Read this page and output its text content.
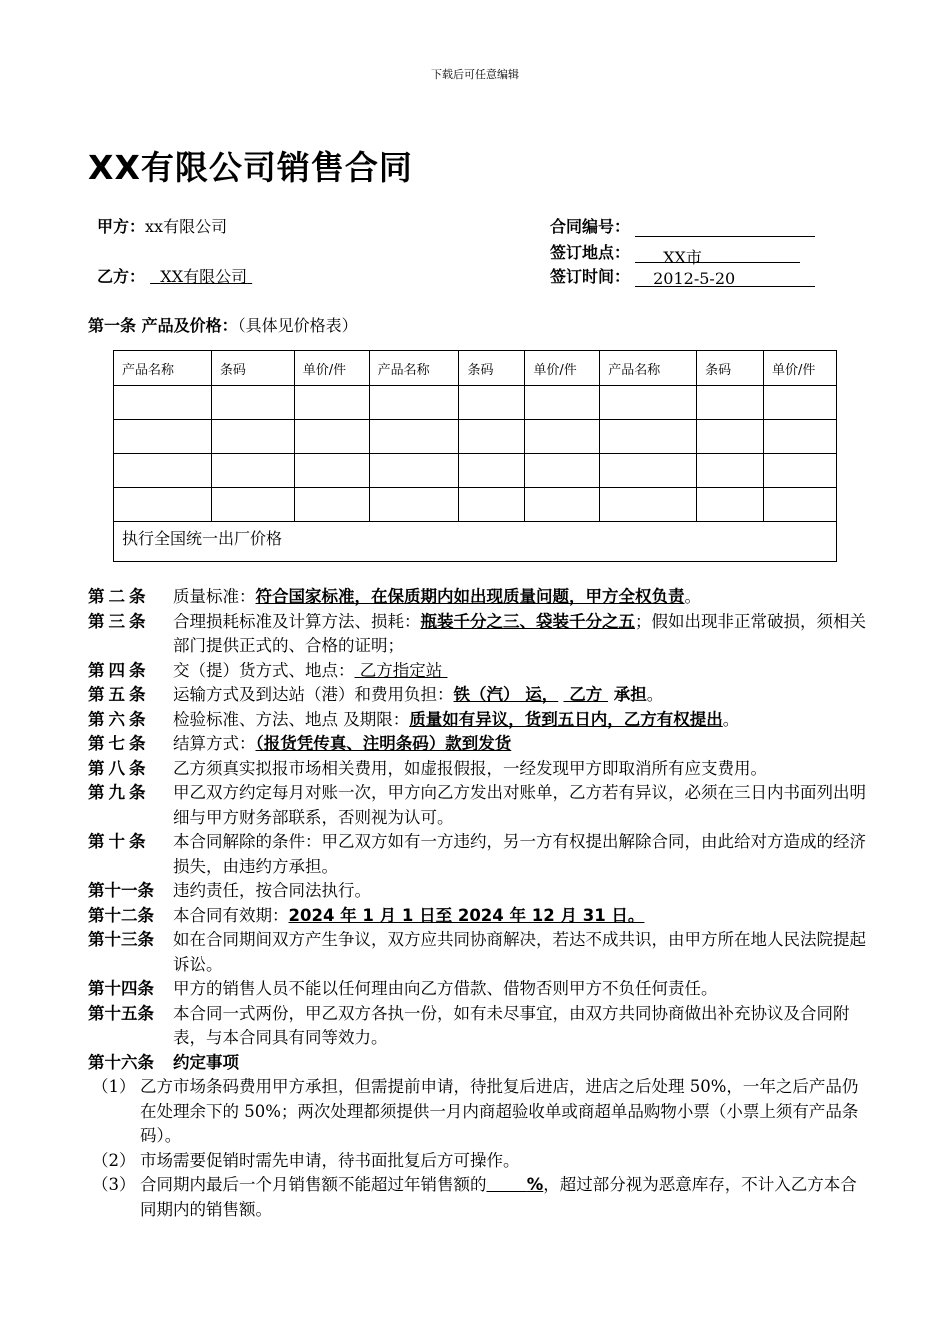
下载后可任意编辑
XX有限公司销售合同
甲方：xx有限公司
乙方： XX有限公司
合同编号：
签订地点： XX市
签订时间： 2012-5-20
第一条 产品及价格：（具体见价格表）
产品名称	条码	单价/件	产品名称	条码	单价/件	产品名称	条码	单价/件

执行全国统一出厂价格								
第二条	质量标准：符合国家标准，在保质期内如出现质量问题，甲方全权负责。
第三条	合理损耗标准及计算方法、损耗：瓶装千分之三、袋装千分之五；假如出现非正常破损，须相关部门提供正式的、合格的证明；
第四条	交（提）货方式、地点： 乙方指定站
第五条	运输方式及到达站（港）和费用负担：铁（汽） 运，  乙方  承担。
第六条	检验标准、方法、地点 及期限：质量如有异议，货到五日内，乙方有权提出。
第七条	结算方式：（报货凭传真、注明条码）款到发货
第八条	乙方须真实拟报市场相关费用，如虚报假报，一经发现甲方即取消所有应支费用。
第九条	甲乙双方约定每月对账一次，甲方向乙方发出对账单，乙方若有异议，必须在三日内书面列出明细与甲方财务部联系，否则视为认可。
第十条	本合同解除的条件：甲乙双方如有一方违约，另一方有权提出解除合同，由此给对方造成的经济损失，由违约方承担。
第十一条	违约责任，按合同法执行。
第十二条	本合同有效期：2024 年 1 月 1 日至 2024 年 12 月 31 日。
第十三条	如在合同期间双方产生争议，双方应共同协商解决，若达不成共识，由甲方所在地人民法院提起诉讼。
第十四条	甲方的销售人员不能以任何理由向乙方借款、借物否则甲方不负任何责任。
第十五条	本合同一式两份，甲乙双方各执一份，如有未尽事宜，由双方共同协商做出补充协议及合同附表，与本合同具有同等效力。
第十六条	约定事项
（1） 乙方市场条码费用甲方承担，但需提前申请，待批复后进店，进店之后处理 50%，一年之后产品仍在处理余下的 50%；两次处理都须提供一月内商超验收单或商超单品购物小票（小票上须有产品条码）。
（2） 市场需要促销时需先申请，待书面批复后方可操作。
（3） 合同期内最后一个月销售额不能超过年销售额的 %，超过部分视为恶意库存，不计入乙方本合同期内的销售额。
